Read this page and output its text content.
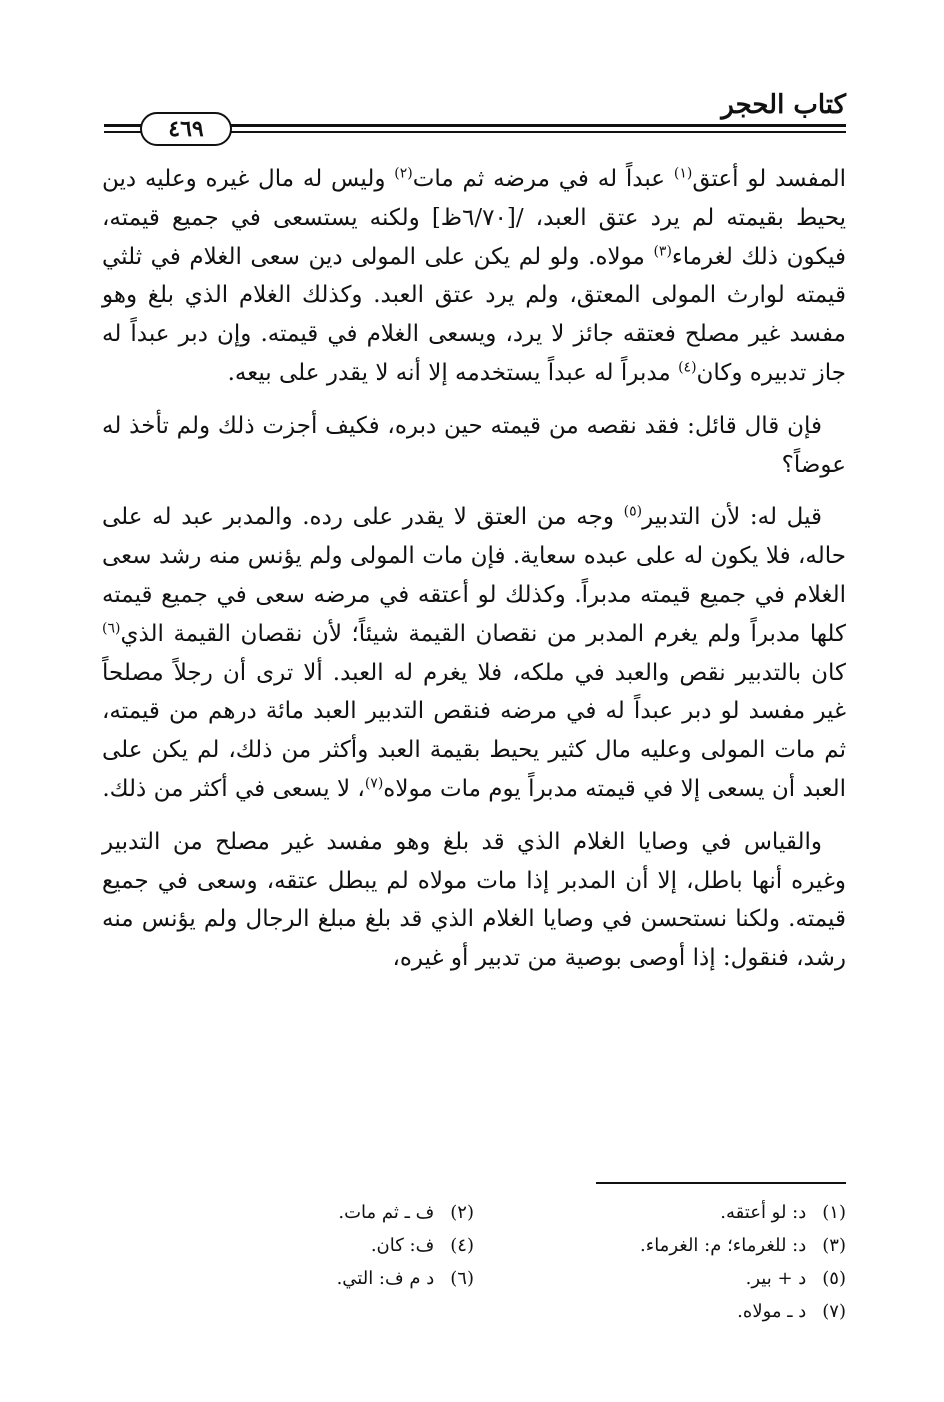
كتاب الحجر
٤٦٩

المفسد لو أعتق$^{(١)}$ عبداً له في مرضه ثم مات$^{(٢)}$ وليس له مال غيره وعليه دين يحيط بقيمته لم يرد عتق العبد، /[٦/٧٠ظ] ولكنه يستسعى في جميع قيمته، فيكون ذلك لغرماء$^{(٣)}$ مولاه. ولو لم يكن على المولى دين سعى الغلام في ثلثي قيمته لوارث المولى المعتق، ولم يرد عتق العبد. وكذلك الغلام الذي بلغ وهو مفسد غير مصلح فعتقه جائز لا يرد، ويسعى الغلام في قيمته. وإن دبر عبداً له جاز تدبيره وكان$^{(٤)}$ مدبراً له عبداً يستخدمه إلا أنه لا يقدر على بيعه.

فإن قال قائل: فقد نقصه من قيمته حين دبره، فكيف أجزت ذلك ولم تأخذ له عوضاً؟

قيل له: لأن التدبير$^{(٥)}$ وجه من العتق لا يقدر على رده. والمدبر عبد له على حاله، فلا يكون له على عبده سعاية. فإن مات المولى ولم يؤنس منه رشد سعى الغلام في جميع قيمته مدبراً. وكذلك لو أعتقه في مرضه سعى في جميع قيمته كلها مدبراً ولم يغرم المدبر من نقصان القيمة شيئاً؛ لأن نقصان القيمة الذي$^{(٦)}$ كان بالتدبير نقص والعبد في ملكه، فلا يغرم له العبد. ألا ترى أن رجلاً مصلحاً غير مفسد لو دبر عبداً له في مرضه فنقص التدبير العبد مائة درهم من قيمته، ثم مات المولى وعليه مال كثير يحيط بقيمة العبد وأكثر من ذلك، لم يكن على العبد أن يسعى إلا في قيمته مدبراً يوم مات مولاه$^{(٧)}$، لا يسعى في أكثر من ذلك.

والقياس في وصايا الغلام الذي قد بلغ وهو مفسد غير مصلح من التدبير وغيره أنها باطل، إلا أن المدبر إذا مات مولاه لم يبطل عتقه، وسعى في جميع قيمته. ولكنا نستحسن في وصايا الغلام الذي قد بلغ مبلغ الرجال ولم يؤنس منه رشد، فنقول: إذا أوصى بوصية من تدبير أو غيره،

(١)د: لو أعتقه.
(٢)ف ـ ثم مات.
(٣)د: للغرماء؛ م: الغرماء.
(٤)ف: كان.
(٥)د + بير.
(٦)د م ف: التي.
(٧)د ـ مولاه.
